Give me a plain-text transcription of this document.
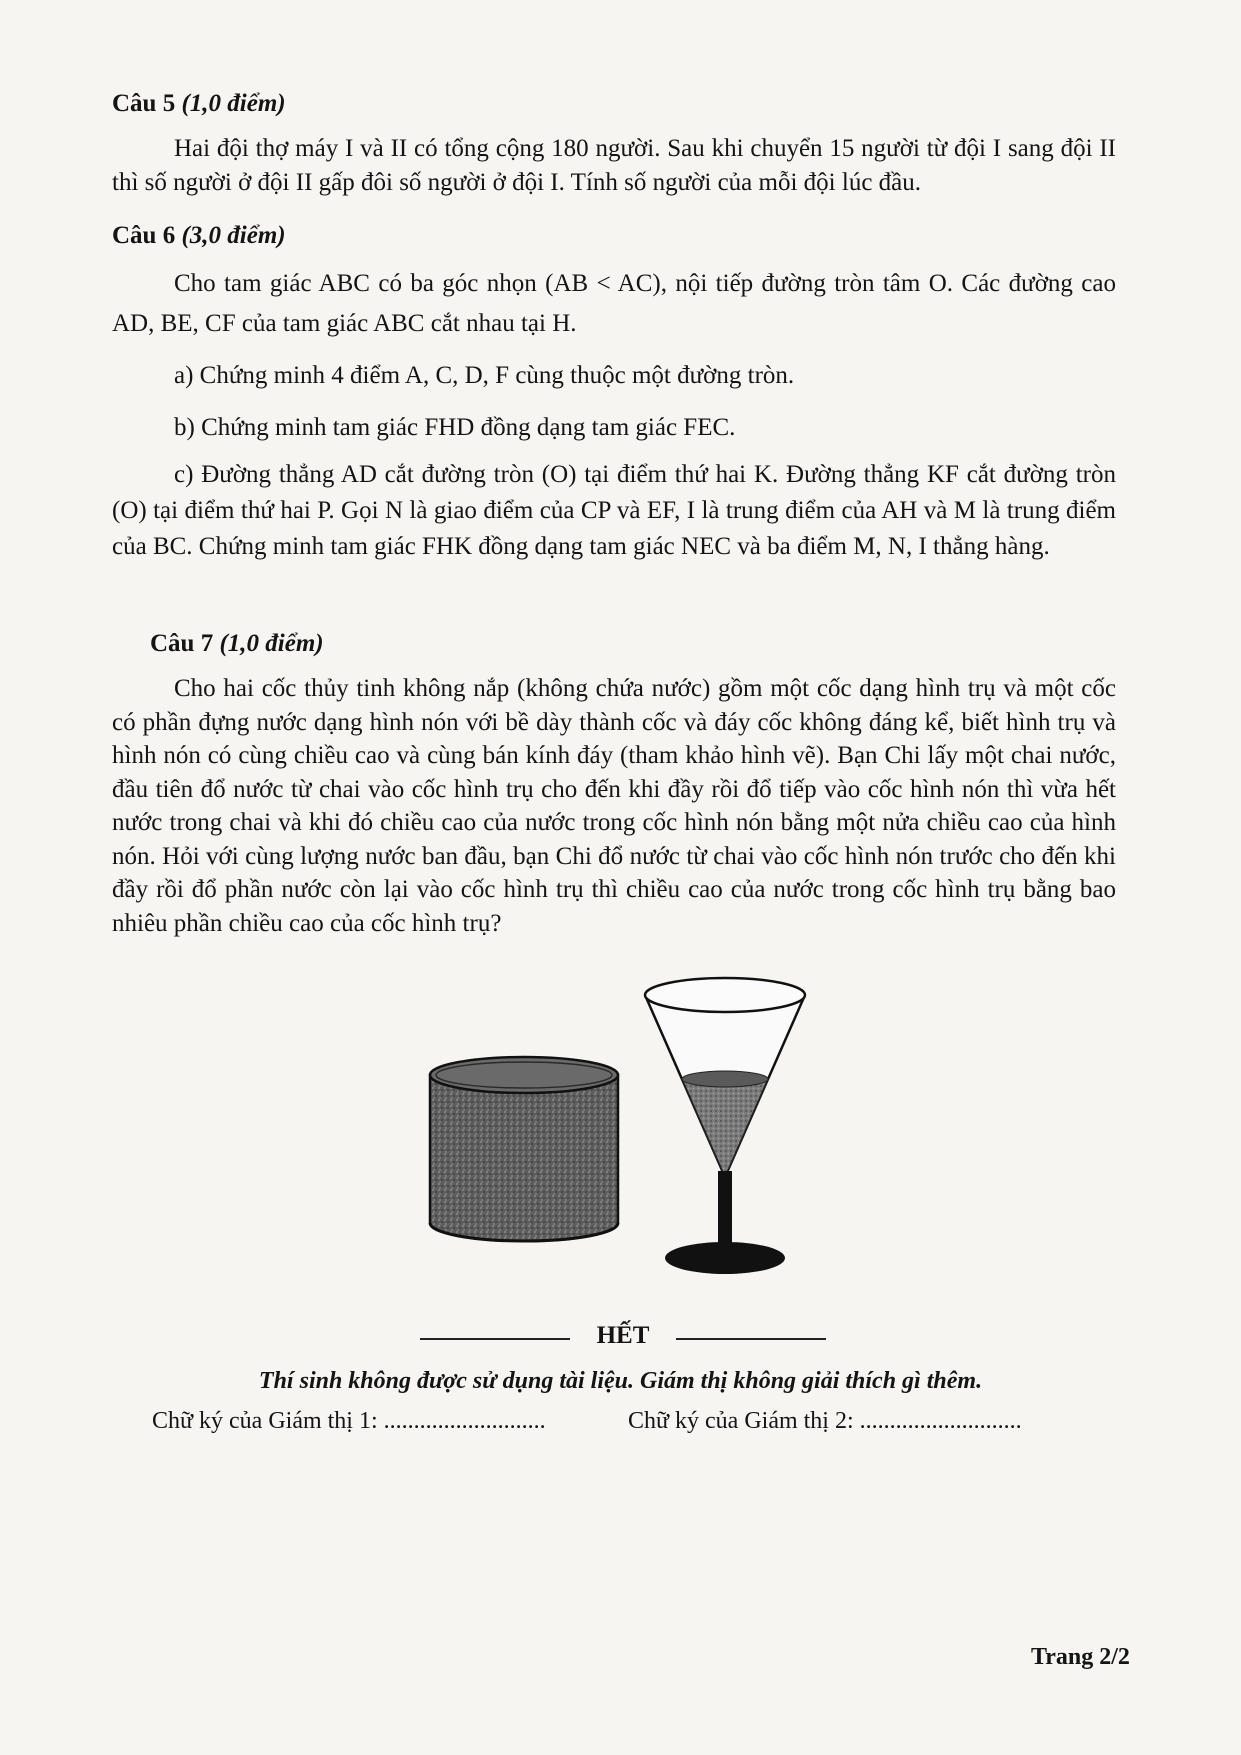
Câu 5 (1,0 điểm)
Hai đội thợ máy I và II có tổng cộng 180 người. Sau khi chuyển 15 người từ đội I sang đội II thì số người ở đội II gấp đôi số người ở đội I. Tính số người của mỗi đội lúc đầu.
Câu 6 (3,0 điểm)
Cho tam giác ABC có ba góc nhọn (AB < AC), nội tiếp đường tròn tâm O. Các đường cao AD, BE, CF của tam giác ABC cắt nhau tại H.
a) Chứng minh 4 điểm A, C, D, F cùng thuộc một đường tròn.
b) Chứng minh tam giác FHD đồng dạng tam giác FEC.
c) Đường thẳng AD cắt đường tròn (O) tại điểm thứ hai K. Đường thẳng KF cắt đường tròn (O) tại điểm thứ hai P. Gọi N là giao điểm của CP và EF, I là trung điểm của AH và M là trung điểm của BC. Chứng minh tam giác FHK đồng dạng tam giác NEC và ba điểm M, N, I thẳng hàng.
Câu 7 (1,0 điểm)
Cho hai cốc thủy tinh không nắp (không chứa nước) gồm một cốc dạng hình trụ và một cốc có phần đựng nước dạng hình nón với bề dày thành cốc và đáy cốc không đáng kể, biết hình trụ và hình nón có cùng chiều cao và cùng bán kính đáy (tham khảo hình vẽ). Bạn Chi lấy một chai nước, đầu tiên đổ nước từ chai vào cốc hình trụ cho đến khi đầy rồi đổ tiếp vào cốc hình nón thì vừa hết nước trong chai và khi đó chiều cao của nước trong cốc hình nón bằng một nửa chiều cao của hình nón. Hỏi với cùng lượng nước ban đầu, bạn Chi đổ nước từ chai vào cốc hình nón trước cho đến khi đầy rồi đổ phần nước còn lại vào cốc hình trụ thì chiều cao của nước trong cốc hình trụ bằng bao nhiêu phần chiều cao của cốc hình trụ?
HẾT
Thí sinh không được sử dụng tài liệu. Giám thị không giải thích gì thêm.
Chữ ký của Giám thị 1: ...........................	Chữ ký của Giám thị 2: ...........................
Trang 2/2
